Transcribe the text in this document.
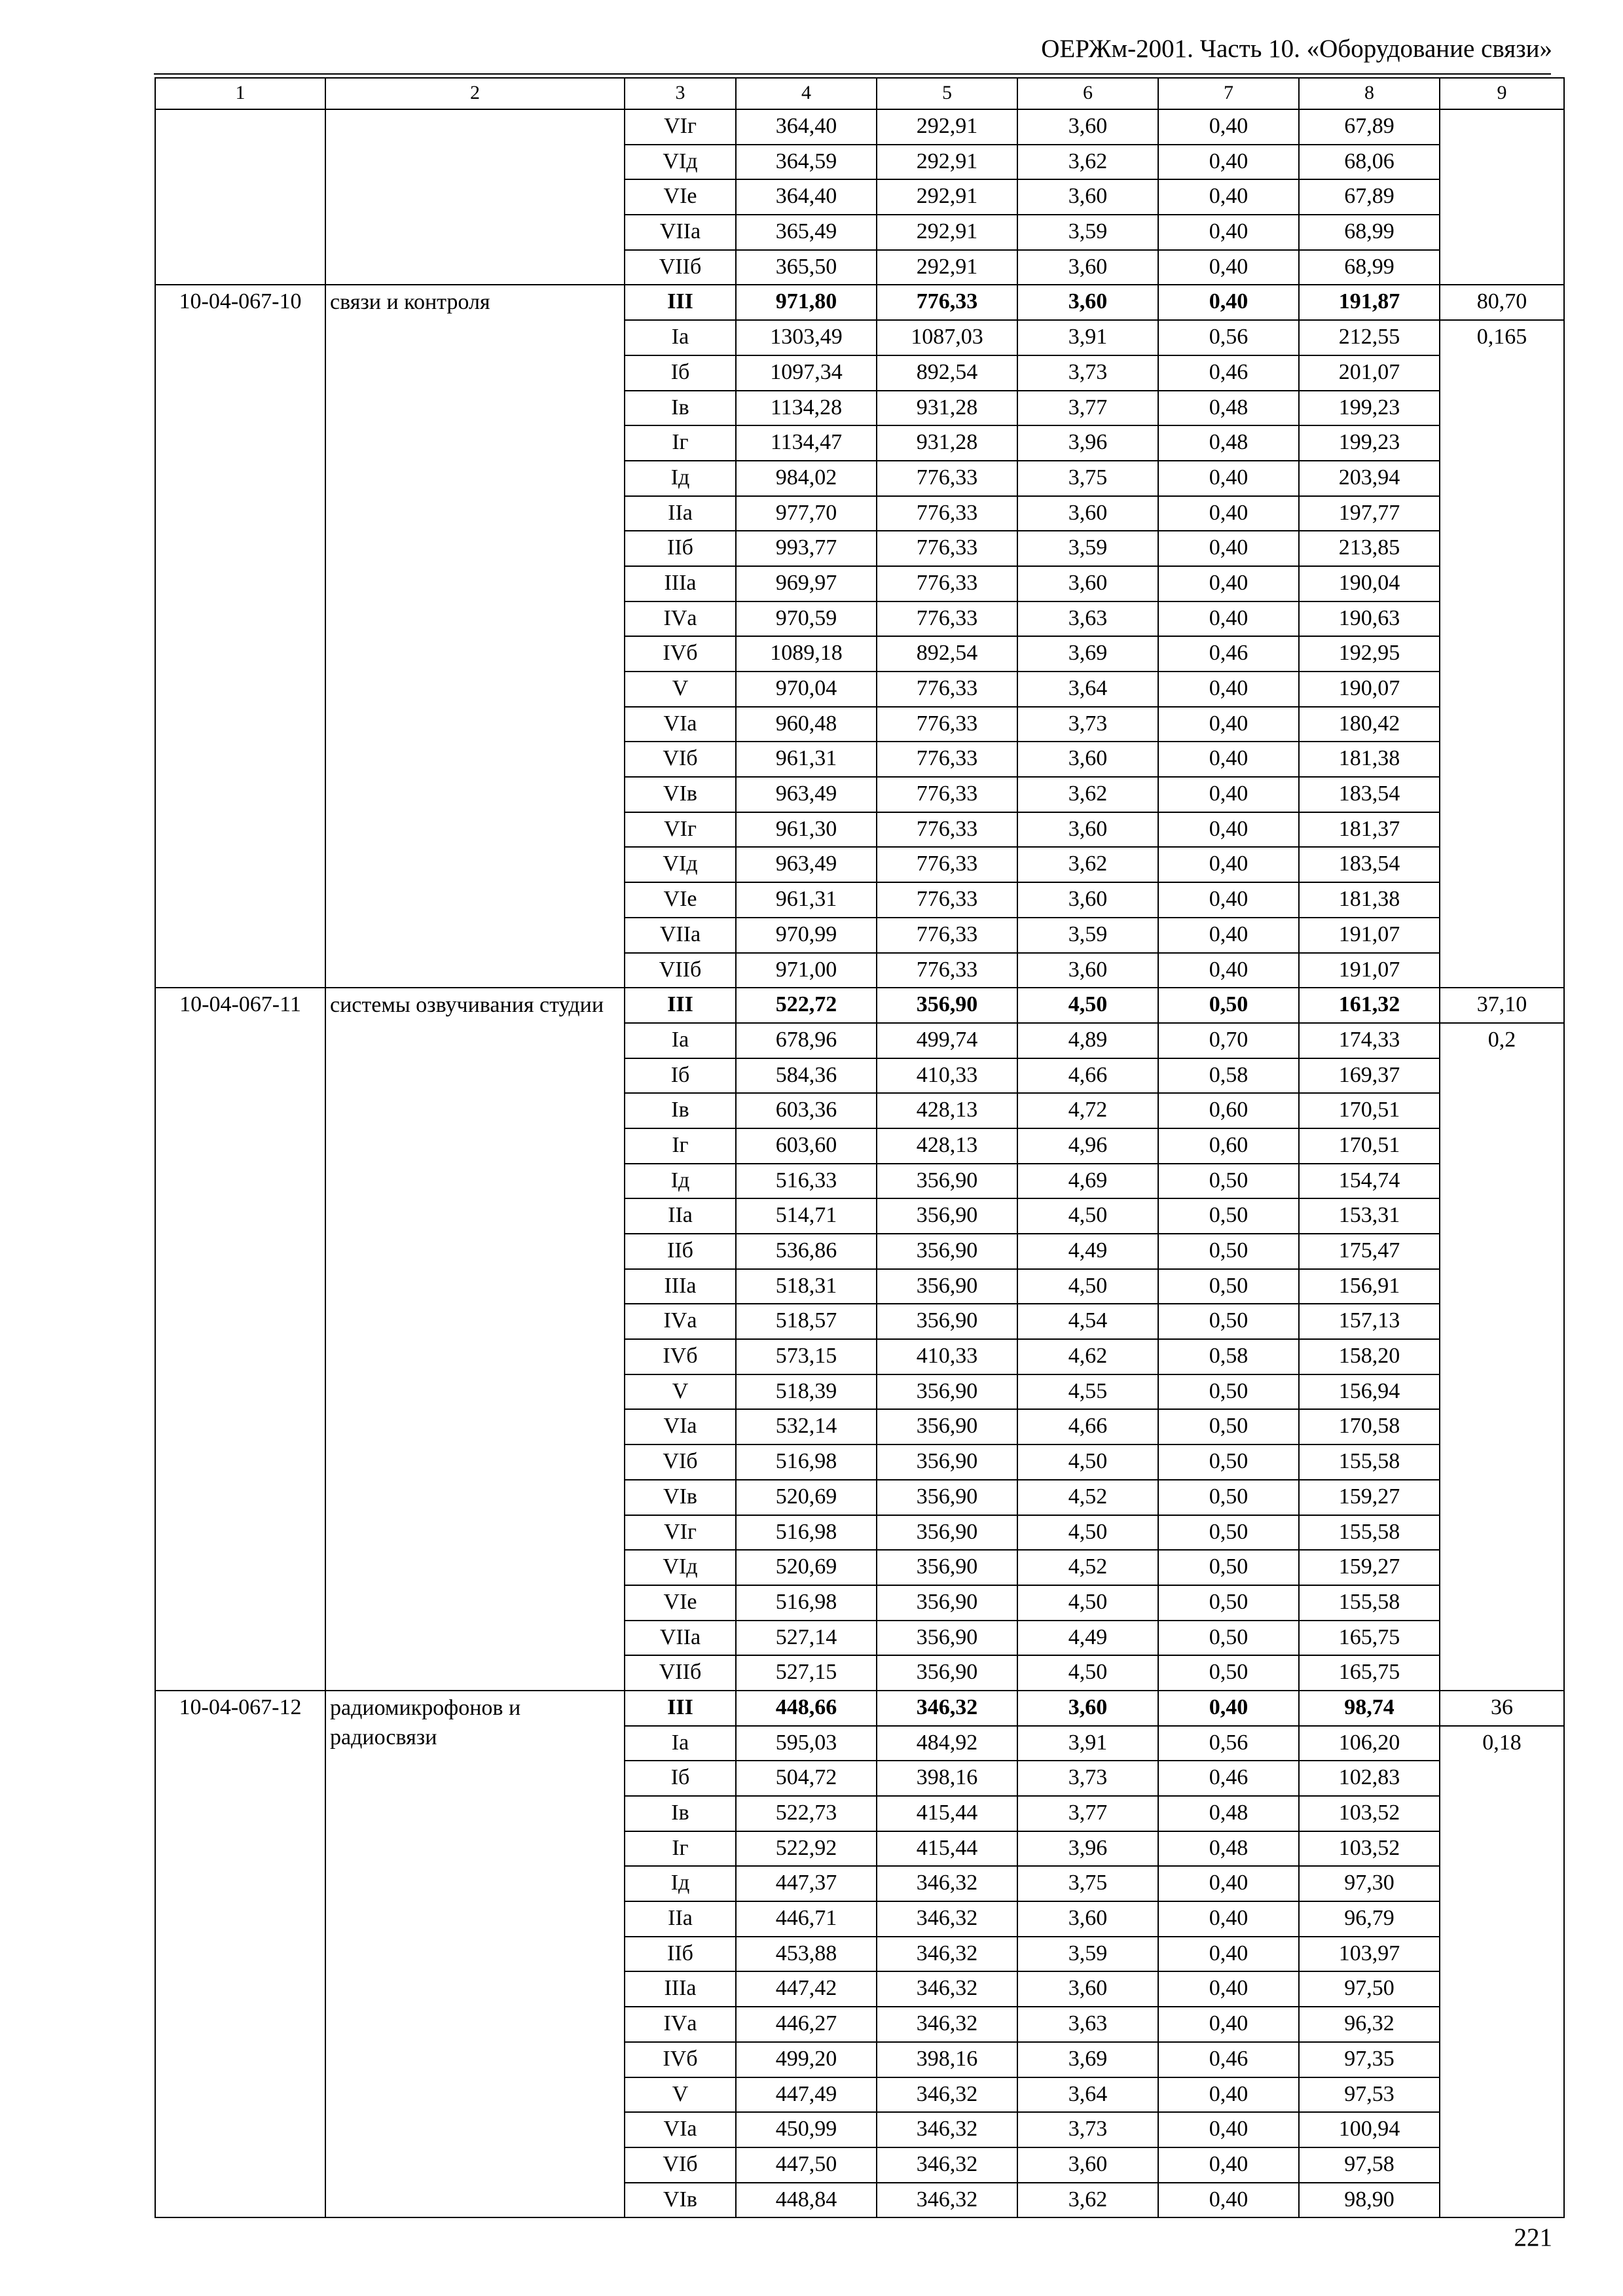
ОЕРЖм-2001. Часть 10. «Оборудование связи»
1	2	3	4	5	6	7	8	9
		VIг	364,40	292,91	3,60	0,40	67,89	
		VIд	364,59	292,91	3,62	0,40	68,06	
		VIе	364,40	292,91	3,60	0,40	67,89	
		VIIа	365,49	292,91	3,59	0,40	68,99	
		VIIб	365,50	292,91	3,60	0,40	68,99	
10-04-067-10	связи и контроля	III	971,80	776,33	3,60	0,40	191,87	80,70
		Iа	1303,49	1087,03	3,91	0,56	212,55	0,165
		Iб	1097,34	892,54	3,73	0,46	201,07	
		Iв	1134,28	931,28	3,77	0,48	199,23	
		Iг	1134,47	931,28	3,96	0,48	199,23	
		Iд	984,02	776,33	3,75	0,40	203,94	
		IIа	977,70	776,33	3,60	0,40	197,77	
		IIб	993,77	776,33	3,59	0,40	213,85	
		IIIа	969,97	776,33	3,60	0,40	190,04	
		IVа	970,59	776,33	3,63	0,40	190,63	
		IVб	1089,18	892,54	3,69	0,46	192,95	
		V	970,04	776,33	3,64	0,40	190,07	
		VIа	960,48	776,33	3,73	0,40	180,42	
		VIб	961,31	776,33	3,60	0,40	181,38	
		VIв	963,49	776,33	3,62	0,40	183,54	
		VIг	961,30	776,33	3,60	0,40	181,37	
		VIд	963,49	776,33	3,62	0,40	183,54	
		VIе	961,31	776,33	3,60	0,40	181,38	
		VIIа	970,99	776,33	3,59	0,40	191,07	
		VIIб	971,00	776,33	3,60	0,40	191,07	
10-04-067-11	системы озвучивания студии	III	522,72	356,90	4,50	0,50	161,32	37,10
		Iа	678,96	499,74	4,89	0,70	174,33	0,2
		Iб	584,36	410,33	4,66	0,58	169,37	
		Iв	603,36	428,13	4,72	0,60	170,51	
		Iг	603,60	428,13	4,96	0,60	170,51	
		Iд	516,33	356,90	4,69	0,50	154,74	
		IIа	514,71	356,90	4,50	0,50	153,31	
		IIб	536,86	356,90	4,49	0,50	175,47	
		IIIа	518,31	356,90	4,50	0,50	156,91	
		IVа	518,57	356,90	4,54	0,50	157,13	
		IVб	573,15	410,33	4,62	0,58	158,20	
		V	518,39	356,90	4,55	0,50	156,94	
		VIа	532,14	356,90	4,66	0,50	170,58	
		VIб	516,98	356,90	4,50	0,50	155,58	
		VIв	520,69	356,90	4,52	0,50	159,27	
		VIг	516,98	356,90	4,50	0,50	155,58	
		VIд	520,69	356,90	4,52	0,50	159,27	
		VIе	516,98	356,90	4,50	0,50	155,58	
		VIIа	527,14	356,90	4,49	0,50	165,75	
		VIIб	527,15	356,90	4,50	0,50	165,75	
10-04-067-12	радиомикрофонов и радиосвязи	III	448,66	346,32	3,60	0,40	98,74	36
		Iа	595,03	484,92	3,91	0,56	106,20	0,18
		Iб	504,72	398,16	3,73	0,46	102,83	
		Iв	522,73	415,44	3,77	0,48	103,52	
		Iг	522,92	415,44	3,96	0,48	103,52	
		Iд	447,37	346,32	3,75	0,40	97,30	
		IIа	446,71	346,32	3,60	0,40	96,79	
		IIб	453,88	346,32	3,59	0,40	103,97	
		IIIа	447,42	346,32	3,60	0,40	97,50	
		IVа	446,27	346,32	3,63	0,40	96,32	
		IVб	499,20	398,16	3,69	0,46	97,35	
		V	447,49	346,32	3,64	0,40	97,53	
		VIа	450,99	346,32	3,73	0,40	100,94	
		VIб	447,50	346,32	3,60	0,40	97,58	
		VIв	448,84	346,32	3,62	0,40	98,90	
221
